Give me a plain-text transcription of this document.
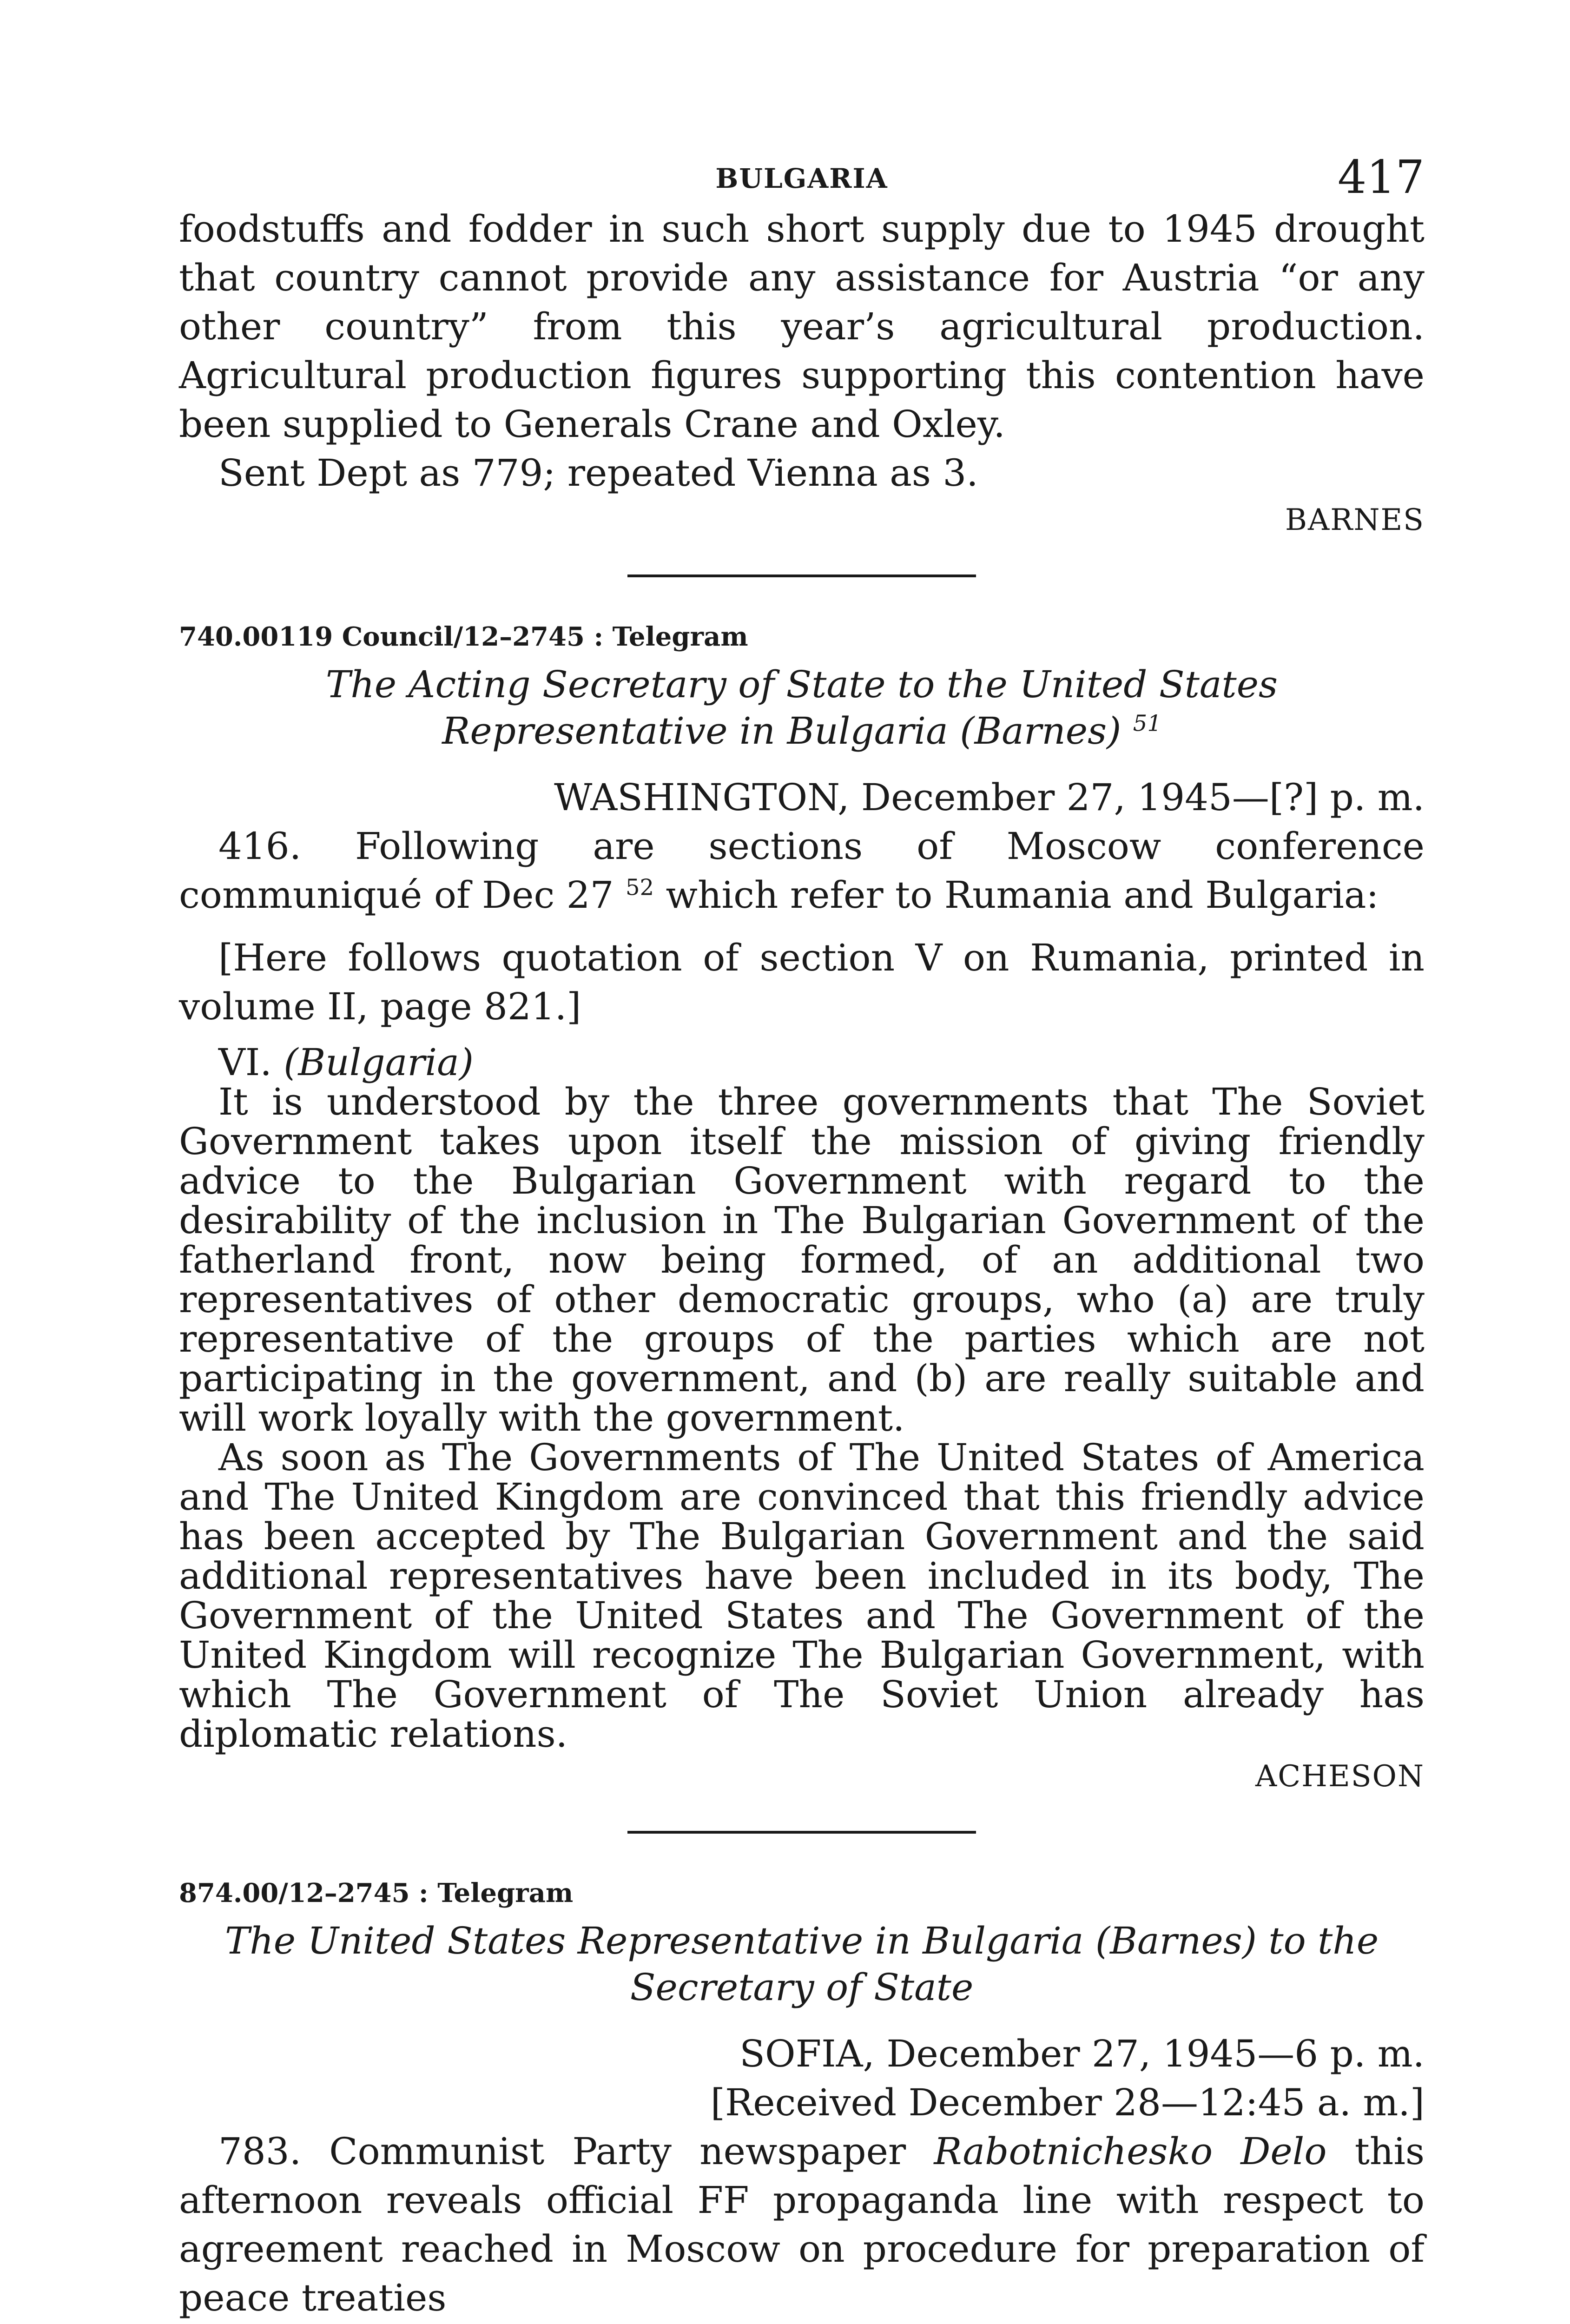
BULGARIA	417

foodstuffs and fodder in such short supply due to 1945 drought that country cannot provide any assistance for Austria “or any other country” from this year’s agricultural production. Agricultural production figures supporting this contention have been supplied to Generals Crane and Oxley.

Sent Dept as 779; repeated Vienna as 3.

BARNES

740.00119 Council/12–2745 : Telegram

The Acting Secretary of State to the United States Representative in Bulgaria (Barnes) $^{51}$

WASHINGTON, December 27, 1945—[?] p. m.

416. Following are sections of Moscow conference communiqué of Dec 27 $^{52}$ which refer to Rumania and Bulgaria:

[Here follows quotation of section V on Rumania, printed in volume II, page 821.]

VI. (Bulgaria)

It is understood by the three governments that The Soviet Government takes upon itself the mission of giving friendly advice to the Bulgarian Government with regard to the desirability of the inclusion in The Bulgarian Government of the fatherland front, now being formed, of an additional two representatives of other democratic groups, who (a) are truly representative of the groups of the parties which are not participating in the government, and (b) are really suitable and will work loyally with the government.

As soon as The Governments of The United States of America and The United Kingdom are convinced that this friendly advice has been accepted by The Bulgarian Government and the said additional representatives have been included in its body, The Government of the United States and The Government of the United Kingdom will recognize The Bulgarian Government, with which The Government of The Soviet Union already has diplomatic relations.

ACHESON

874.00/12–2745 : Telegram

The United States Representative in Bulgaria (Barnes) to the Secretary of State

SOFIA, December 27, 1945—6 p. m.

[Received December 28—12:45 a. m.]

783. Communist Party newspaper Rabotnichesko Delo this afternoon reveals official FF propaganda line with respect to agreement reached in Moscow on procedure for preparation of peace treaties
